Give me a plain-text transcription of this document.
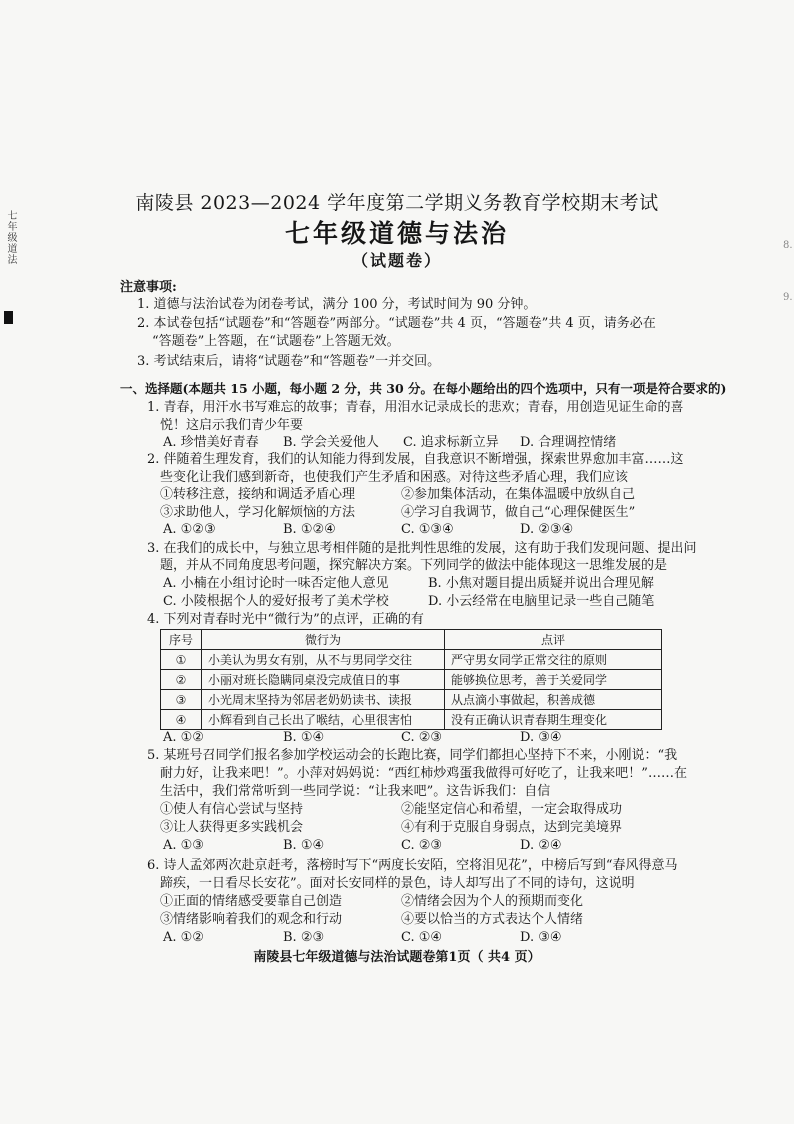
七年级道法	8.
9.
南陵县 2023—2024 学年度第二学期义务教育学校期末考试
七年级道德与法治
（试题卷）
注意事项:
1. 道德与法治试卷为闭卷考试，满分 100 分，考试时间为 90 分钟。
2. 本试卷包括“试题卷”和“答题卷”两部分。“试题卷”共 4 页，“答题卷”共 4 页，请务必在
“答题卷”上答题，在“试题卷”上答题无效。
3. 考试结束后，请将“试题卷”和“答题卷”一并交回。
一、选择题(本题共 15 小题，每小题 2 分，共 30 分。在每小题给出的四个选项中，只有一项是符合要求的)
1. 青春，用汗水书写难忘的故事；青春，用泪水记录成长的悲欢；青春，用创造见证生命的喜
悦！这启示我们青少年要
A. 珍惜美好青春 B. 学会关爱他人 C. 追求标新立异 D. 合理调控情绪
2. 伴随着生理发育，我们的认知能力得到发展，自我意识不断增强，探索世界愈加丰富……这
些变化让我们感到新奇，也使我们产生矛盾和困惑。对待这些矛盾心理，我们应该
①转移注意，接纳和调适矛盾心理	②参加集体活动，在集体温暖中放纵自己
③求助他人，学习化解烦恼的方法	④学习自我调节，做自己“心理保健医生”
A. ①②③	B. ①②④	C. ①③④	D. ②③④
3. 在我们的成长中，与独立思考相伴随的是批判性思维的发展，这有助于我们发现问题、提出问
题，并从不同角度思考问题，探究解决方案。下列同学的做法中能体现这一思维发展的是
A. 小楠在小组讨论时一味否定他人意见	B. 小焦对题目提出质疑并说出合理见解
C. 小陵根据个人的爱好报考了美术学校	D. 小云经常在电脑里记录一些自己随笔
4. 下列对青春时光中“微行为”的点评，正确的有
序号	微行为	点评
①	小美认为男女有别，从不与男同学交往	严守男女同学正常交往的原则
②	小丽对班长隐瞒同桌没完成值日的事	能够换位思考，善于关爱同学
③	小光周末坚持为邻居老奶奶读书、读报	从点滴小事做起，积善成德
④	小辉看到自己长出了喉结，心里很害怕	没有正确认识青春期生理变化
A. ①②	B. ①④	C. ②③	D. ③④
5. 某班号召同学们报名参加学校运动会的长跑比赛，同学们都担心坚持下不来，小刚说：“我
耐力好，让我来吧！”。小萍对妈妈说：“西红柿炒鸡蛋我做得可好吃了，让我来吧！”……在
生活中，我们常常听到一些同学说：“让我来吧”。这告诉我们：自信
①使人有信心尝试与坚持	②能坚定信心和希望，一定会取得成功
③让人获得更多实践机会	④有利于克服自身弱点，达到完美境界
A. ①③	B. ①④	C. ②③	D. ②④
6. 诗人孟郊两次赴京赶考，落榜时写下“两度长安陌，空将泪见花”，中榜后写到“春风得意马
蹄疾，一日看尽长安花”。面对长安同样的景色，诗人却写出了不同的诗句，这说明
①正面的情绪感受要靠自己创造	②情绪会因为个人的预期而变化
③情绪影响着我们的观念和行动	④要以恰当的方式表达个人情绪
A. ①②	B. ②③	C. ①④	D. ③④
南陵县七年级道德与法治试题卷第1页（ 共4 页）
